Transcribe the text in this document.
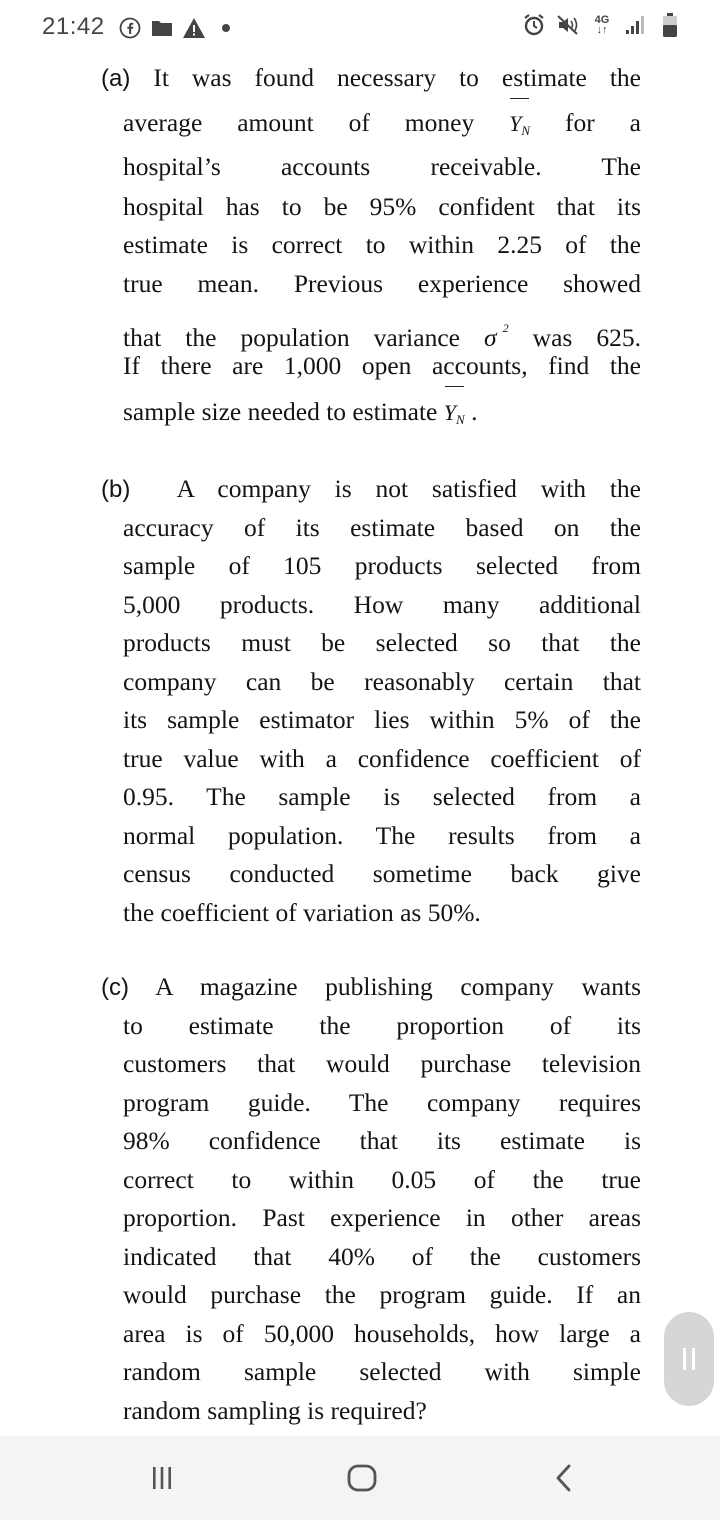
21:42	4G
↓↑
(a) It was found necessary to estimate the
average amount of money $Y_N$ for a
hospital’s accounts receivable. The
hospital has to be 95% confident that its
estimate is correct to within 2.25 of the
true mean. Previous experience showed
that the population variance σ $^2$ was 625.
If there are 1,000 open accounts, find the
sample size needed to estimate $Y_N$ .
(b) A company is not satisfied with the
accuracy of its estimate based on the
sample of 105 products selected from
5,000 products. How many additional
products must be selected so that the
company can be reasonably certain that
its sample estimator lies within 5% of the
true value with a confidence coefficient of
0.95. The sample is selected from a
normal population. The results from a
census conducted sometime back give
the coefficient of variation as 50%.
(c) A magazine publishing company wants
to estimate the proportion of its
customers that would purchase television
program guide. The company requires
98% confidence that its estimate is
correct to within 0.05 of the true
proportion. Past experience in other areas
indicated that 40% of the customers
would purchase the program guide. If an
area is of 50,000 households, how large a
random sample selected with simple
random sampling is required?
